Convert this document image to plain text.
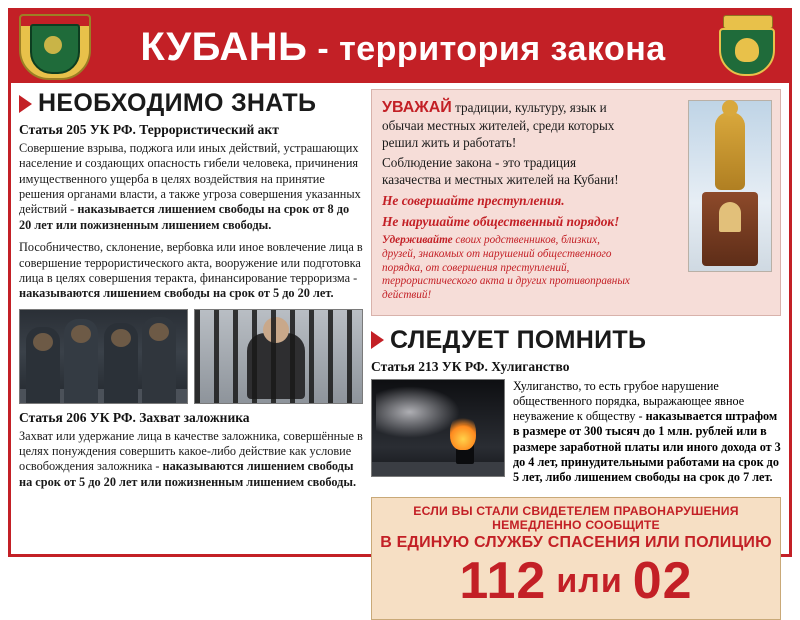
КУБАНЬ - территория закона
НЕОБХОДИМО ЗНАТЬ
Статья 205 УК РФ. Террористический акт

Совершение взрыва, поджога или иных действий, устрашающих население и создающих опасность гибели человека, причинения имущественного ущерба в целях воздействия на принятие решения органами власти, а также угроза совершения указанных действий - наказывается лишением свободы на срок от 8 до 20 лет или пожизненным лишением свободы.

Пособничество, склонение, вербовка или иное вовлечение лица в совершение террористического акта, вооружение или подготовка лица в целях совершения теракта, финансирование терроризма - наказываются лишением свободы на срок от 5 до 20 лет.

Статья 206 УК РФ. Захват заложника

Захват или удержание лица в качестве заложника, совершённые в целях понуждения совершить какое-либо действие как условие освобождения заложника - наказываются лишением свободы на срок от 5 до 20 лет или пожизненным лишением свободы.

УВАЖАЙ традиции, культуру, язык и обычаи местных жителей, среди которых решил жить и работать!

Соблюдение закона - это традиция казачества и местных жителей на Кубани!

Не совершайте преступления.

Не нарушайте общественный порядок!

Удерживайте своих родственников, близких, друзей, знакомых от нарушений общественного порядка, от совершения преступлений, террористического акта и других противоправных действий!

СЛЕДУЕТ ПОМНИТЬ
Статья 213 УК РФ. Хулиганство
Хулиганство, то есть грубое нарушение общественного порядка, выражающее явное неуважение к обществу - наказывается штрафом в размере от 300 тысяч до 1 млн. рублей или в размере заработной платы или иного дохода от 3 до 4 лет, принудительными работами на срок до 5 лет, либо лишением свободы на срок до 7 лет.
ЕСЛИ ВЫ СТАЛИ СВИДЕТЕЛЕМ ПРАВОНАРУШЕНИЯ НЕМЕДЛЕННО СООБЩИТЕ
В ЕДИНУЮ СЛУЖБУ СПАСЕНИЯ ИЛИ ПОЛИЦИЮ
112 или 02
